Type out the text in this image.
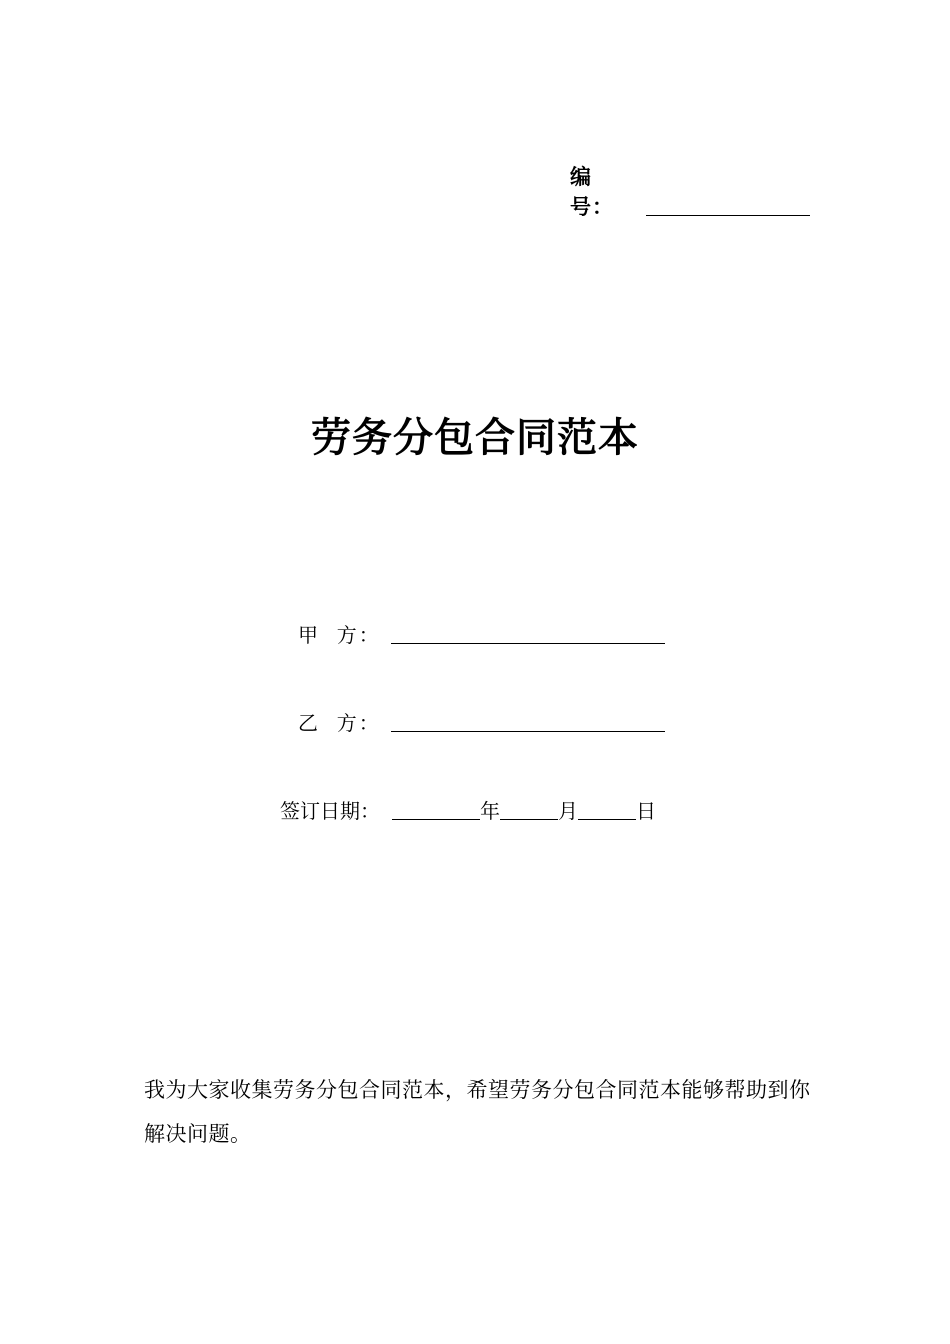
编号：
劳务分包合同范本
甲  方：
乙  方：
签订日期：	年	月	日
我为大家收集劳务分包合同范本，希望劳务分包合同范本能够帮助到你解决问题。
